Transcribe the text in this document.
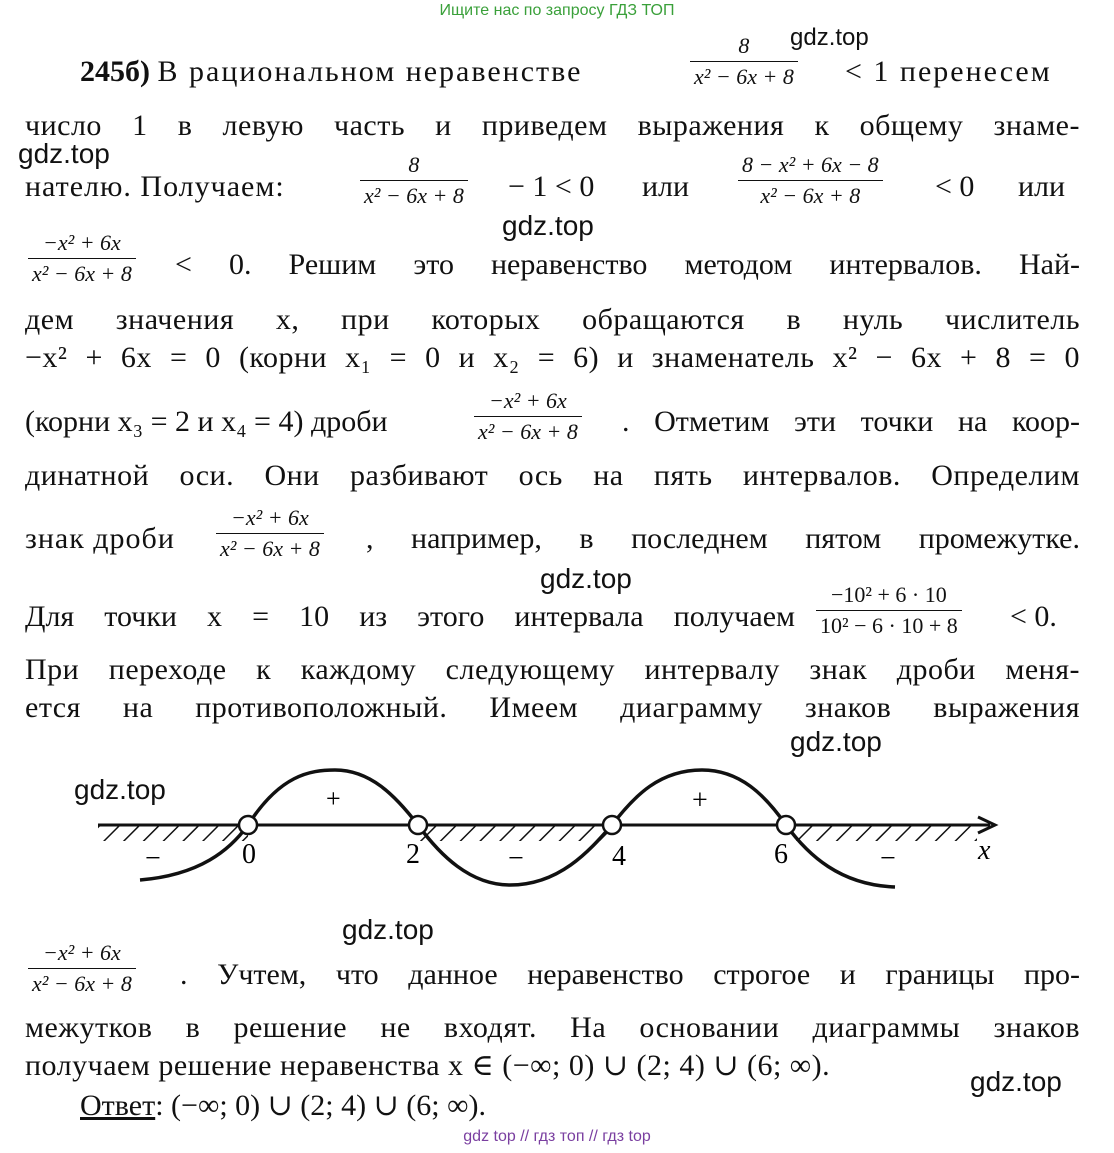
Ищите нас по запросу ГДЗ ТОП
245б) В рациональном неравенстве
8
x² − 6x + 8 < 1 перенесем
число 1 в левую часть и приведем выражения к общему знаме-
нателю. Получаем:
8
x² − 6x + 8 − 1 < 0 или
8 − x² + 6x − 8
x² − 6x + 8 < 0 или
−x² + 6x
x² − 6x + 8 < 0. Решим это неравенство методом интервалов. Най-
дем значения x, при которых обращаются в нуль числитель
−x² + 6x = 0 (корни x₁ = 0 и x₂ = 6) и знаменатель x² − 6x + 8 = 0
(корни x₃ = 2 и x₄ = 4) дроби
−x² + 6x
x² − 6x + 8 . Отметим эти точки на коор-
динатной оси. Они разбивают ось на пять интервалов. Определим
знак дроби
−x² + 6x
x² − 6x + 8 , например, в последнем пятом промежутке.
Для точки x = 10 из этого интервала получаем
−10² + 6 · 10
10² − 6 · 10 + 8 < 0.
При переходе к каждому следующему интервалу знак дроби меня-
ется на противоположный. Имеем диаграмму знаков выражения
0	2	4	6	x
−
+
−
+
−
−x² + 6x
x² − 6x + 8 . Учтем, что данное неравенство строгое и границы про-
межутков в решение не входят. На основании диаграммы знаков
получаем решение неравенства x ∈ (−∞; 0) ∪ (2; 4) ∪ (6; ∞).
Ответ: (−∞; 0) ∪ (2; 4) ∪ (6; ∞).
gdz.top
gdz.top
gdz.top
gdz.top
gdz.top
gdz.top
gdz.top
gdz.top
gdz top // гдз топ // гдз top
